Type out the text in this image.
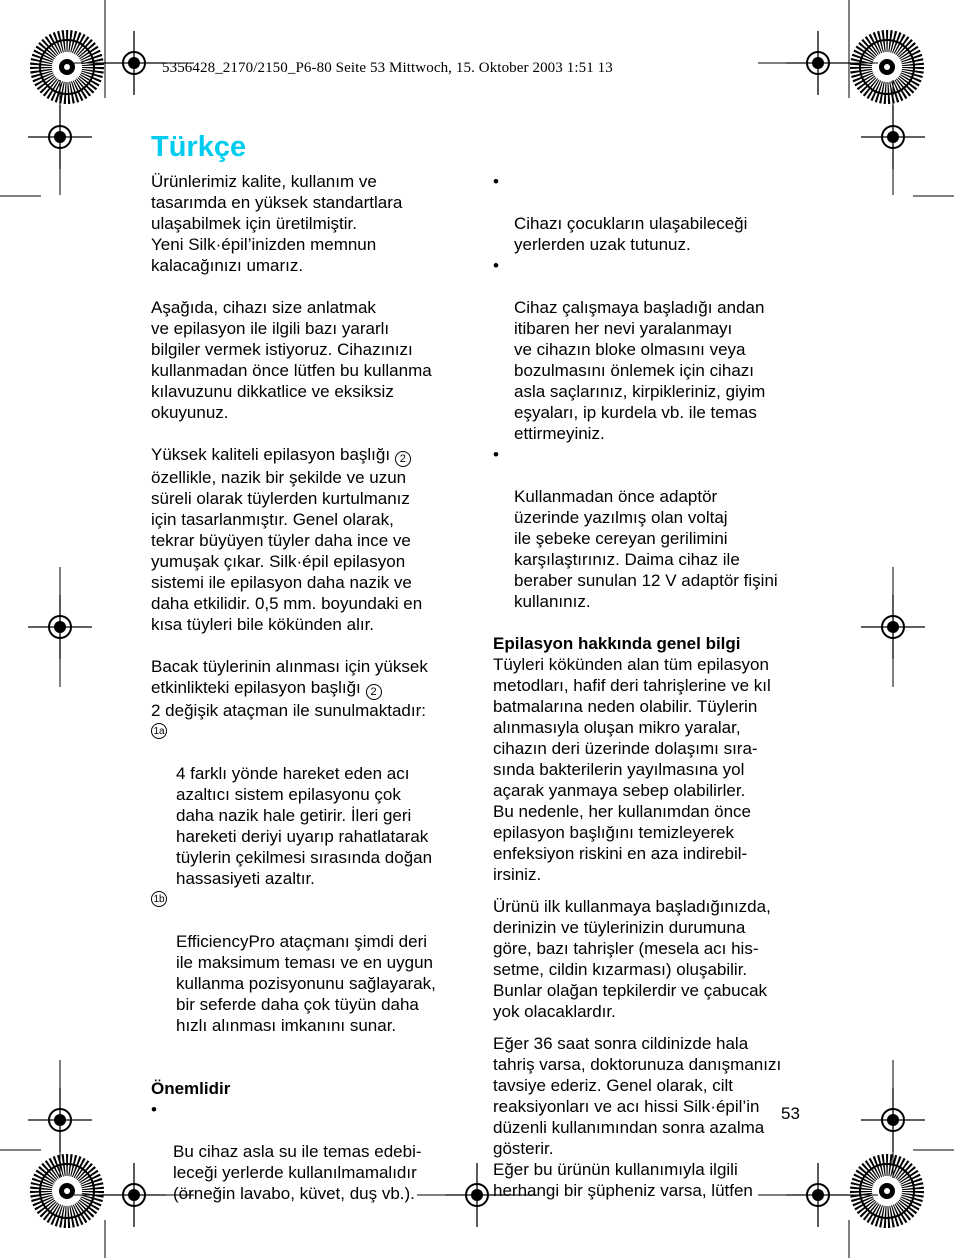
5356428_2170/2150_P6-80 Seite 53 Mittwoch, 15. Oktober 2003 1:51 13
Türkçe

Ürünlerimiz kalite, kullanım ve
tasarımda en yüksek standartlara
ulaşabilmek için üretilmiştir.
Yeni Silk·épil’inizden memnun
kalacağınızı umarız.

Aşağıda, cihazı size anlatmak
ve epilasyon ile ilgili bazı yararlı
bilgiler vermek istiyoruz. Cihazınızı
kullanmadan önce lütfen bu kullanma
kılavuzunu dikkatlice ve eksiksiz
okuyunuz.

Yüksek kaliteli epilasyon başlığı 2
özellikle, nazik bir şekilde ve uzun
süreli olarak tüylerden kurtulmanız
için tasarlanmıştır. Genel olarak,
tekrar büyüyen tüyler daha ince ve
yumuşak çıkar. Silk·épil epilasyon
sistemi ile epilasyon daha nazik ve
daha etkilidir. 0,5 mm. boyundaki en
kısa tüyleri bile kökünden alır.

Bacak tüylerinin alınması için yüksek
etkinlikteki epilasyon başlığı 2
2 değişik ataçman ile sunulmaktadır:

1a

4 farklı yönde hareket eden acı
azaltıcı sistem epilasyonu çok
daha nazik hale getirir. İleri geri
hareketi deriyi uyarıp rahatlatarak
tüylerin çekilmesi sırasında doğan
hassasiyeti azaltır.

1b

EfficiencyPro ataçmanı şimdi deri
ile maksimum teması ve en uygun
kullanma pozisyonunu sağlayarak,
bir seferde daha çok tüyün daha
hızlı alınması imkanını sunar.

Önemlidir

•

Bu cihaz asla su ile temas edebi-
leceği yerlerde kullanılmamalıdır
(örneğin lavabo, küvet, duş vb.).

•

Cihazı çocukların ulaşabileceği
yerlerden uzak tutunuz.

•

Cihaz çalışmaya başladığı andan
itibaren her nevi yaralanmayı
ve cihazın bloke olmasını veya
bozulmasını önlemek için cihazı
asla saçlarınız, kirpikleriniz, giyim
eşyaları, ip kurdela vb. ile temas
ettirmeyiniz.

•

Kullanmadan önce adaptör
üzerinde yazılmış olan voltaj
ile şebeke cereyan gerilimini
karşılaştırınız. Daima cihaz ile
beraber sunulan 12 V adaptör fişini
kullanınız.

Epilasyon hakkında genel bilgi

Tüyleri kökünden alan tüm epilasyon
metodları, hafif deri tahrişlerine ve kıl
batmalarına neden olabilir. Tüylerin
alınmasıyla oluşan mikro yaralar,
cihazın deri üzerinde dolaşımı sıra-
sında bakterilerin yayılmasına yol
açarak yanmaya sebep olabilirler.
Bu nedenle, her kullanımdan önce
epilasyon başlığını temizleyerek
enfeksiyon riskini en aza indirebil-
irsiniz.

Ürünü ilk kullanmaya başladığınızda,
derinizin ve tüylerinizin durumuna
göre, bazı tahrişler (mesela acı his-
setme, cildin kızarması) oluşabilir.
Bunlar olağan tepkilerdir ve çabucak
yok olacaklardır.

Eğer 36 saat sonra cildinizde hala
tahriş varsa, doktorunuza danışmanızı
tavsiye ederiz. Genel olarak, cilt
reaksiyonları ve acı hissi Silk·épil’in
düzenli kullanımından sonra azalma
gösterir.
Eğer bu ürünün kullanımıyla ilgili
herhangi bir şüpheniz varsa, lütfen

53
